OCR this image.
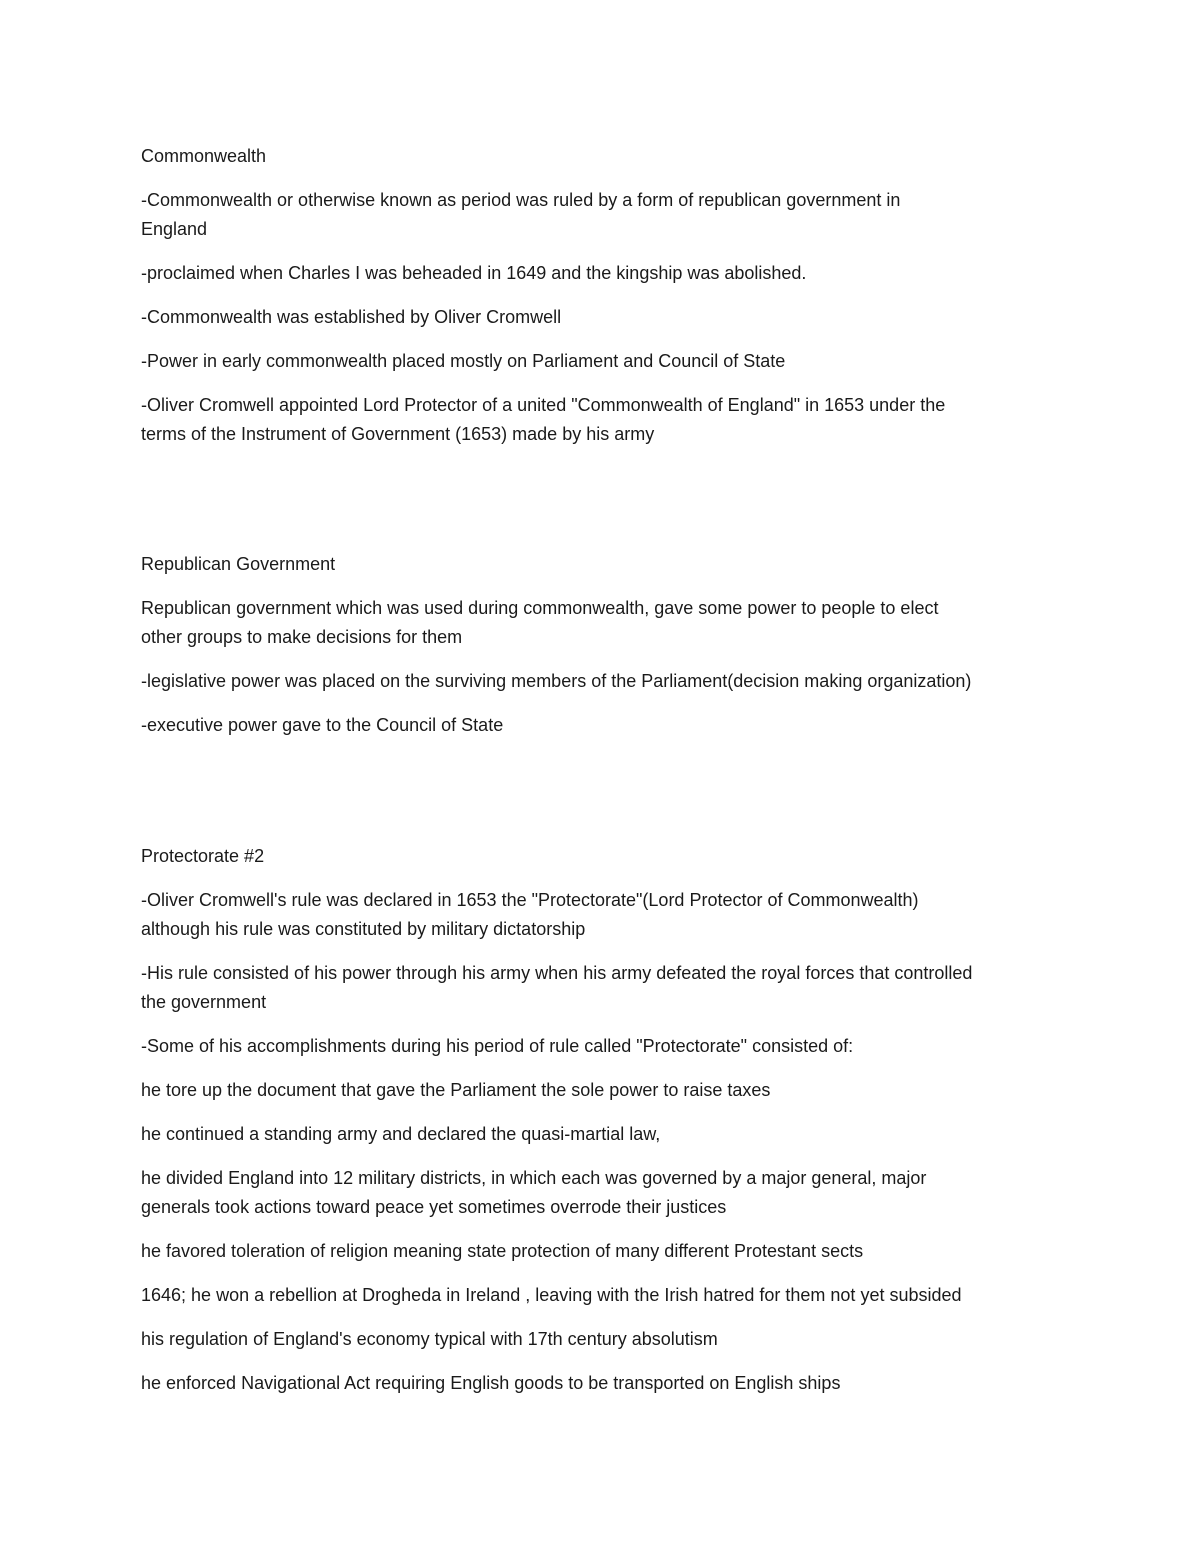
Commonwealth

-Commonwealth or otherwise known as period was ruled by a form of republican government in
England

-proclaimed when Charles I was beheaded in 1649 and the kingship was abolished.

-Commonwealth was established by Oliver Cromwell

-Power in early commonwealth placed mostly on Parliament and Council of State

-Oliver Cromwell appointed Lord Protector of a united "Commonwealth of England" in 1653 under the
terms of the Instrument of Government (1653) made by his army

Republican Government

Republican government which was used during commonwealth, gave some power to people to elect
other groups to make decisions for them

-legislative power was placed on the surviving members of the Parliament(decision making organization)

-executive power gave to the Council of State

Protectorate #2

-Oliver Cromwell's rule was declared in 1653 the "Protectorate"(Lord Protector of Commonwealth)
although his rule was constituted by military dictatorship

-His rule consisted of his power through his army when his army defeated the royal forces that controlled
the government

-Some of his accomplishments during his period of rule called "Protectorate" consisted of:

he tore up the document that gave the Parliament the sole power to raise taxes

he continued a standing army and declared the quasi-martial law,

he divided England into 12 military districts, in which each was governed by a major general, major
generals took actions toward peace yet sometimes overrode their justices

he favored toleration of religion meaning state protection of many different Protestant sects

1646; he won a rebellion at Drogheda in Ireland , leaving with the Irish hatred for them not yet subsided

his regulation of England's economy typical with 17th century absolutism

he enforced Navigational Act requiring English goods to be transported on English ships
